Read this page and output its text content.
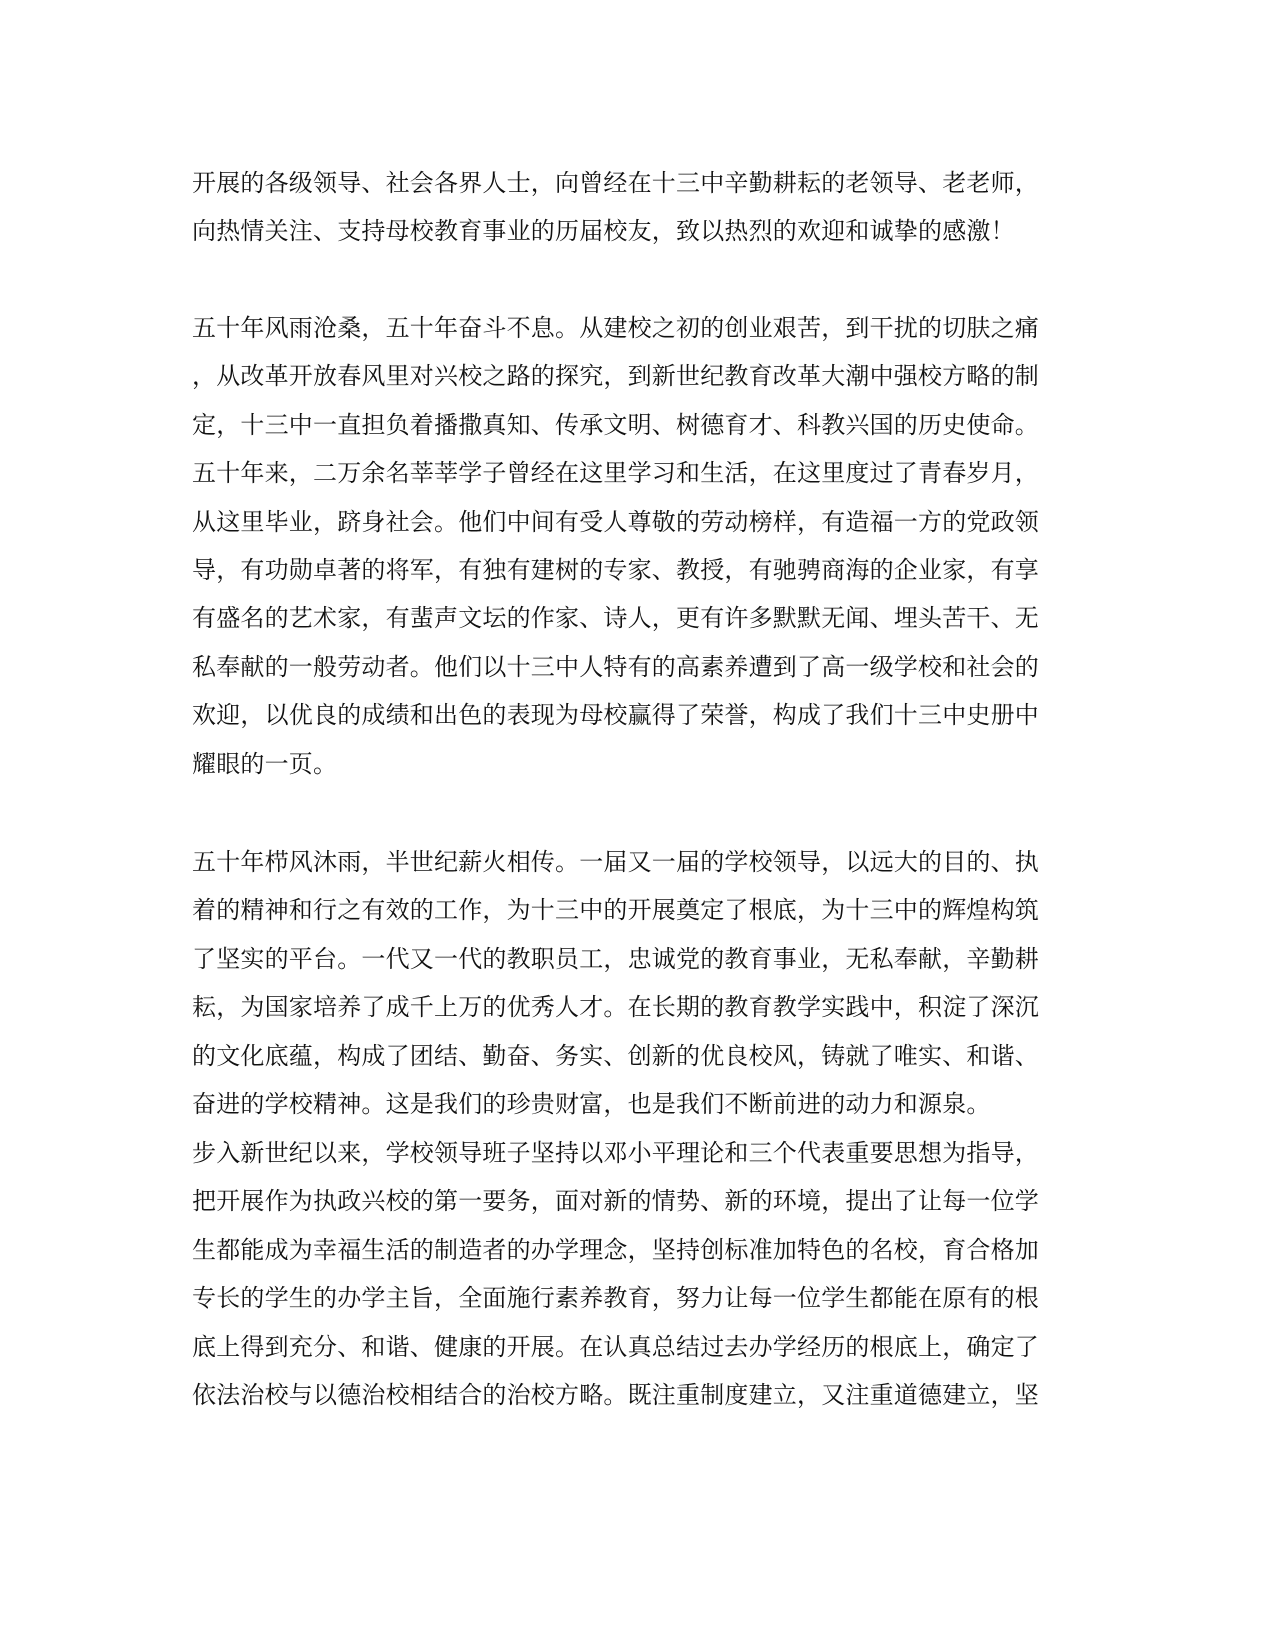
开展的各级领导、社会各界人士，向曾经在十三中辛勤耕耘的老领导、老老师，
向热情关注、支持母校教育事业的历届校友，致以热烈的欢迎和诚挚的感激！
五十年风雨沧桑，五十年奋斗不息。从建校之初的创业艰苦，到干扰的切肤之痛
，从改革开放春风里对兴校之路的探究，到新世纪教育改革大潮中强校方略的制
定，十三中一直担负着播撒真知、传承文明、树德育才、科教兴国的历史使命。
五十年来，二万余名莘莘学子曾经在这里学习和生活，在这里度过了青春岁月，
从这里毕业，跻身社会。他们中间有受人尊敬的劳动榜样，有造福一方的党政领
导，有功勋卓著的将军，有独有建树的专家、教授，有驰骋商海的企业家，有享
有盛名的艺术家，有蜚声文坛的作家、诗人，更有许多默默无闻、埋头苦干、无
私奉献的一般劳动者。他们以十三中人特有的高素养遭到了高一级学校和社会的
欢迎，以优良的成绩和出色的表现为母校赢得了荣誉，构成了我们十三中史册中
耀眼的一页。
五十年栉风沐雨，半世纪薪火相传。一届又一届的学校领导，以远大的目的、执
着的精神和行之有效的工作，为十三中的开展奠定了根底，为十三中的辉煌构筑
了坚实的平台。一代又一代的教职员工，忠诚党的教育事业，无私奉献，辛勤耕
耘，为国家培养了成千上万的优秀人才。在长期的教育教学实践中，积淀了深沉
的文化底蕴，构成了团结、勤奋、务实、创新的优良校风，铸就了唯实、和谐、
奋进的学校精神。这是我们的珍贵财富，也是我们不断前进的动力和源泉。
步入新世纪以来，学校领导班子坚持以邓小平理论和三个代表重要思想为指导，
把开展作为执政兴校的第一要务，面对新的情势、新的环境，提出了让每一位学
生都能成为幸福生活的制造者的办学理念，坚持创标准加特色的名校，育合格加
专长的学生的办学主旨，全面施行素养教育，努力让每一位学生都能在原有的根
底上得到充分、和谐、健康的开展。在认真总结过去办学经历的根底上，确定了
依法治校与以德治校相结合的治校方略。既注重制度建立，又注重道德建立，坚
